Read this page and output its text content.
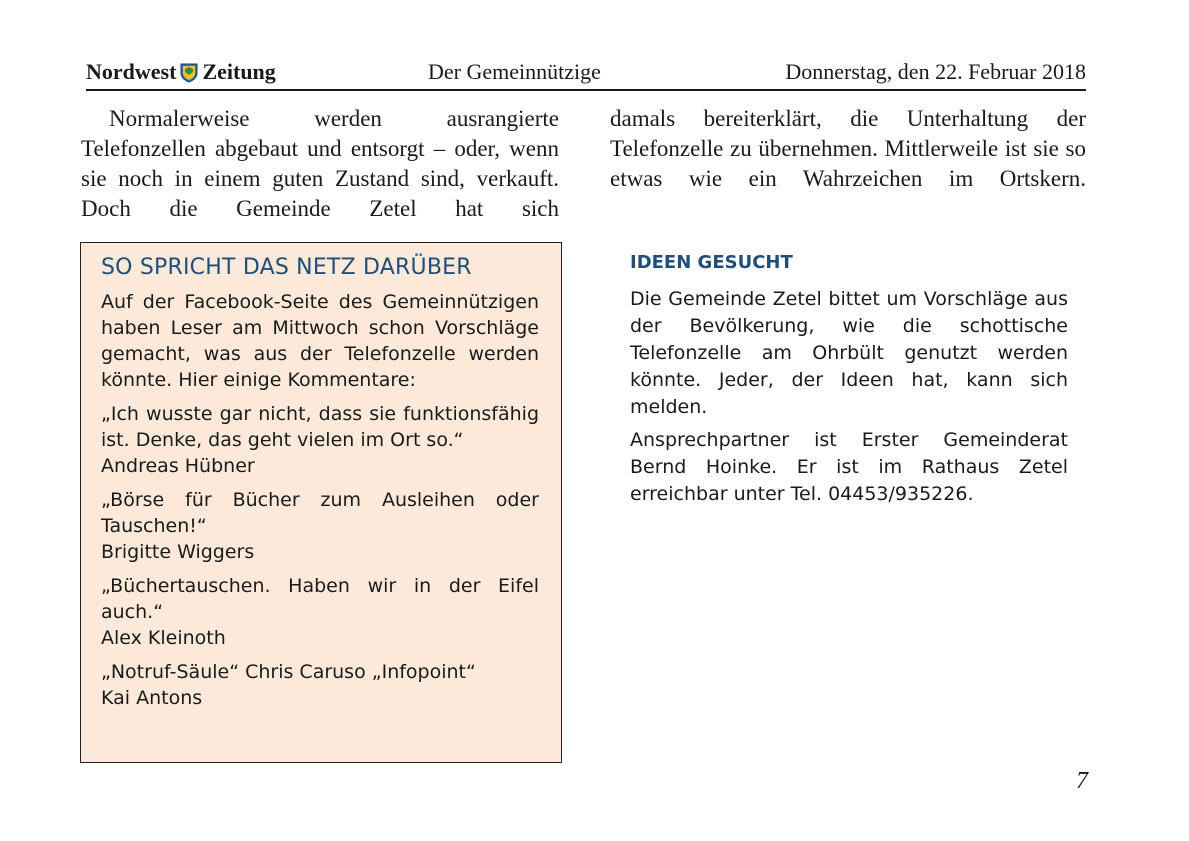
Nordwest Zeitung	Der Gemeinnützige	Donnerstag, den 22. Februar 2018

Normalerweise werden ausrangierte Telefonzellen abgebaut und entsorgt – oder, wenn sie noch in einem guten Zustand sind, verkauft. Doch die Gemeinde Zetel hat sich

damals bereiterklärt, die Unterhaltung der Telefonzelle zu übernehmen. Mittlerweile ist sie so etwas wie ein Wahrzeichen im Ortskern.
SO SPRICHT DAS NETZ DARÜBER

Auf der Facebook-Seite des Gemeinnützigen haben Leser am Mittwoch schon Vorschläge gemacht, was aus der Telefonzelle werden könnte. Hier einige Kommentare:

„Ich wusste gar nicht, dass sie funktionsfähig ist. Denke, das geht vielen im Ort so.“
Andreas Hübner
„Börse für Bücher zum Ausleihen oder Tauschen!“
Brigitte Wiggers
„Büchertauschen. Haben wir in der Eifel auch.“
Alex Kleinoth
„Notruf-Säule“ Chris Caruso „Infopoint“
Kai Antons
IDEEN GESUCHT

Die Gemeinde Zetel bittet um Vorschläge aus der Bevölkerung, wie die schottische Telefonzelle am Ohrbült genutzt werden könnte. Jeder, der Ideen hat, kann sich melden.

Ansprechpartner ist Erster Gemeinderat Bernd Hoinke. Er ist im Rathaus Zetel erreichbar unter Tel. 04453/935226.

7
